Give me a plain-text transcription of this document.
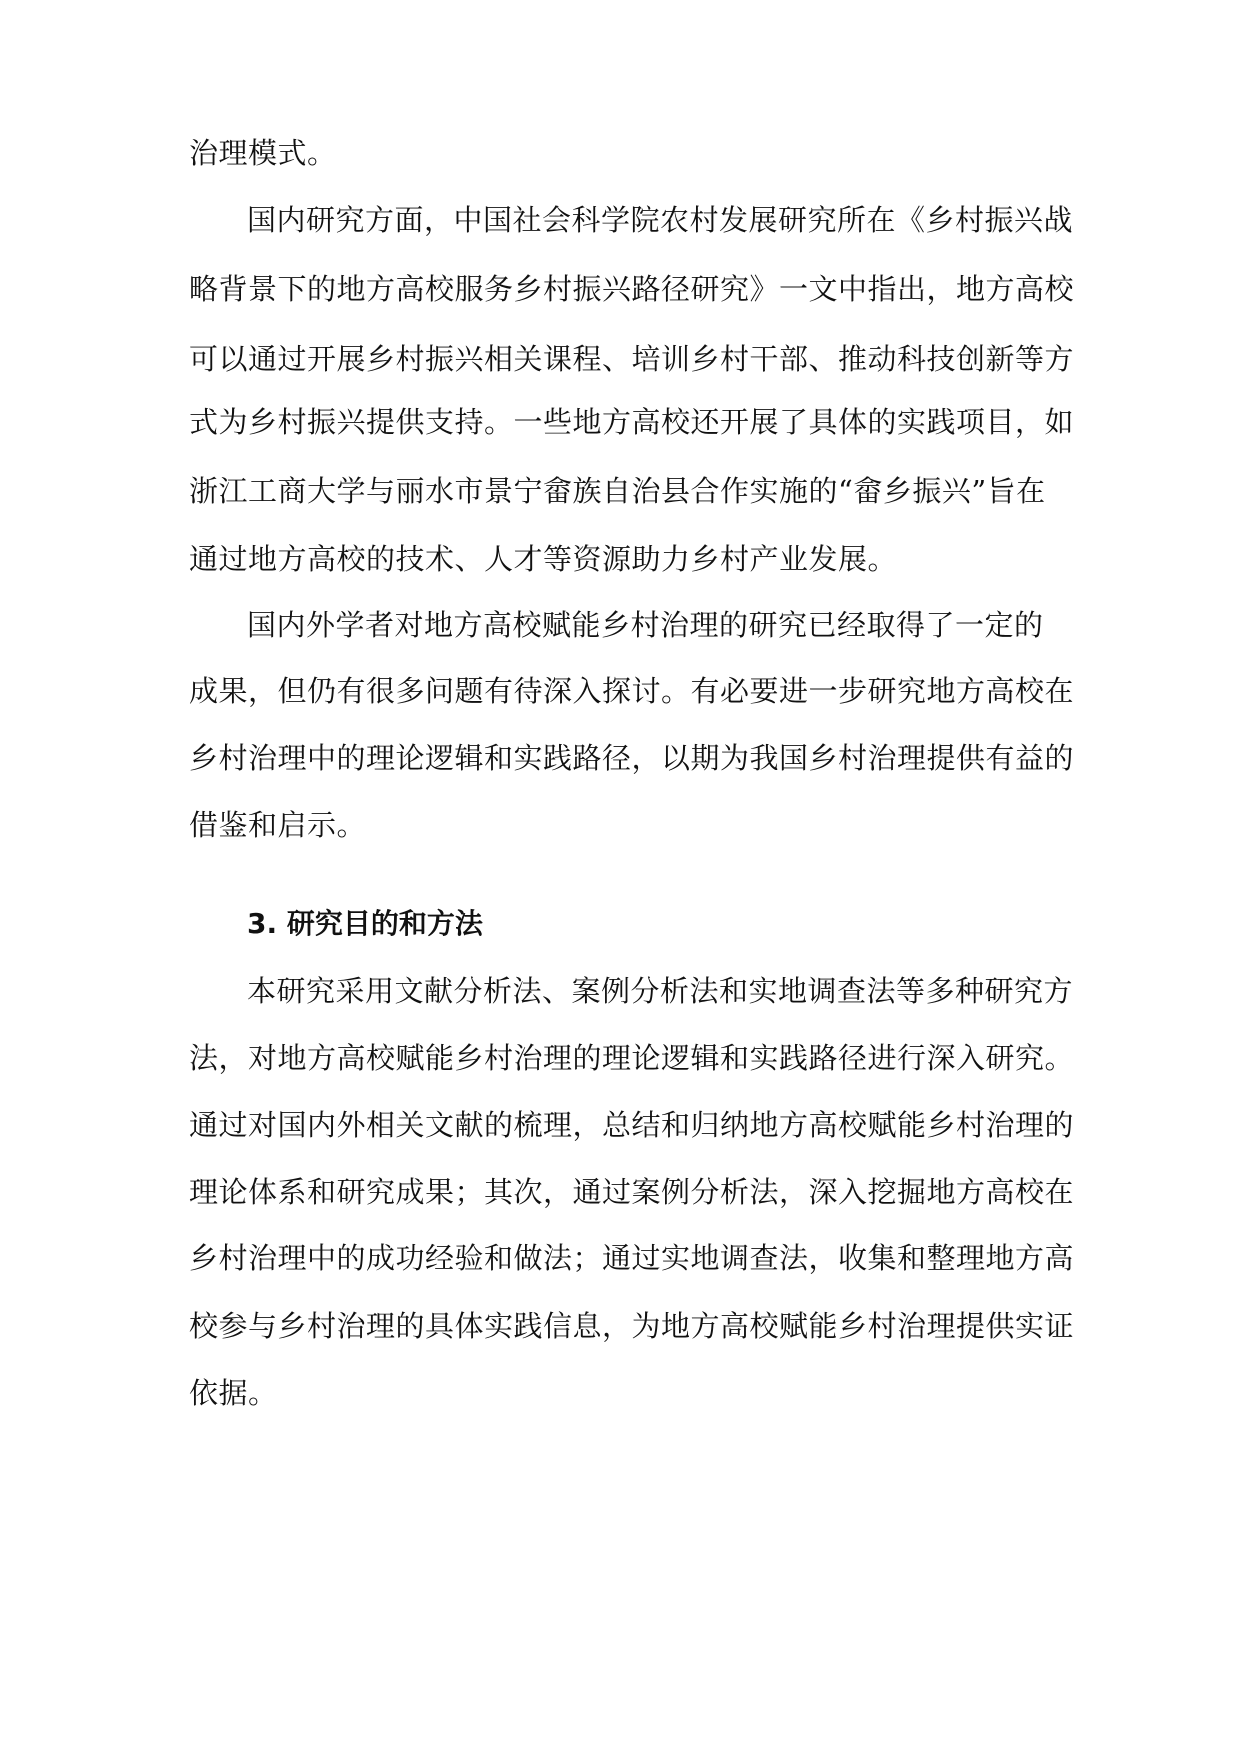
治理模式。
国内研究方面，中国社会科学院农村发展研究所在《乡村振兴战
略背景下的地方高校服务乡村振兴路径研究》一文中指出，地方高校
可以通过开展乡村振兴相关课程、培训乡村干部、推动科技创新等方
式为乡村振兴提供支持。一些地方高校还开展了具体的实践项目，如
浙江工商大学与丽水市景宁畲族自治县合作实施的“畲乡振兴”旨在
通过地方高校的技术、人才等资源助力乡村产业发展。
国内外学者对地方高校赋能乡村治理的研究已经取得了一定的
成果，但仍有很多问题有待深入探讨。有必要进一步研究地方高校在
乡村治理中的理论逻辑和实践路径，以期为我国乡村治理提供有益的
借鉴和启示。
3. 研究目的和方法
本研究采用文献分析法、案例分析法和实地调查法等多种研究方
法，对地方高校赋能乡村治理的理论逻辑和实践路径进行深入研究。
通过对国内外相关文献的梳理，总结和归纳地方高校赋能乡村治理的
理论体系和研究成果；其次，通过案例分析法，深入挖掘地方高校在
乡村治理中的成功经验和做法；通过实地调查法，收集和整理地方高
校参与乡村治理的具体实践信息，为地方高校赋能乡村治理提供实证
依据。
